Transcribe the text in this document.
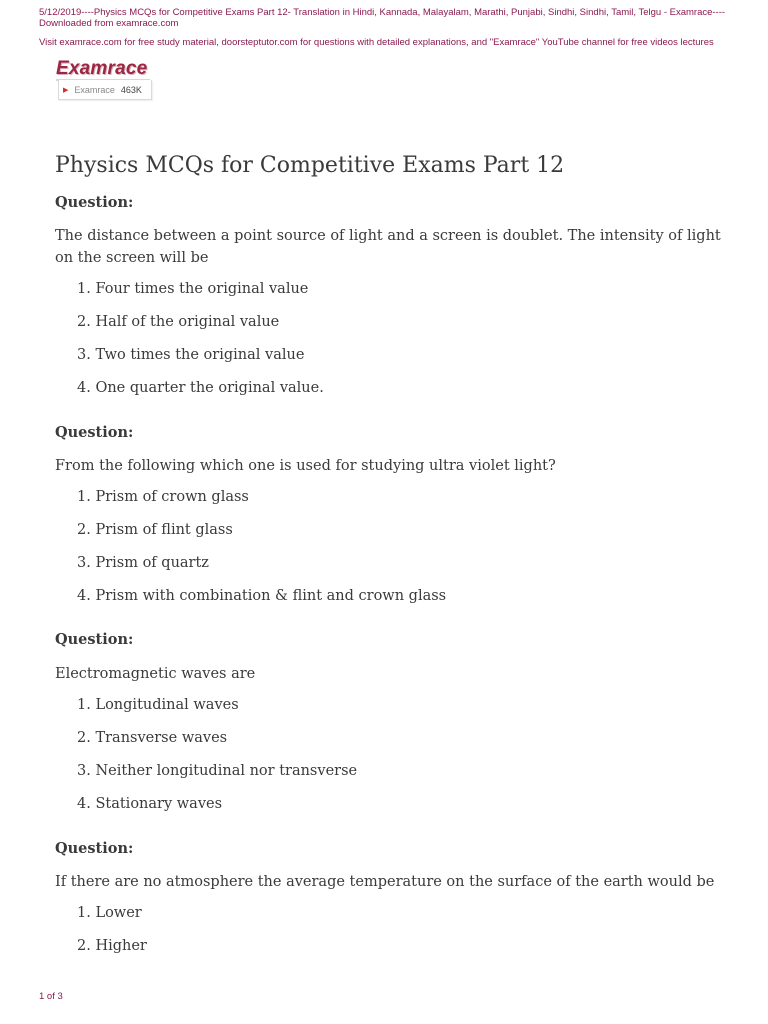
5/12/2019----Physics MCQs for Competitive Exams Part 12- Translation in Hindi, Kannada, Malayalam, Marathi, Punjabi, Sindhi, Sindhi, Tamil, Telgu - Examrace----Downloaded from examrace.com
Visit examrace.com for free study material, doorsteptutor.com for questions with detailed explanations, and "Examrace" YouTube channel for free videos lectures
Examrace
▶ Examrace 463K
Physics MCQs for Competitive Exams Part 12
Question:
The distance between a point source of light and a screen is doublet. The intensity of light on the screen will be
1. Four times the original value
2. Half of the original value
3. Two times the original value
4. One quarter the original value.
Question:
From the following which one is used for studying ultra violet light?
1. Prism of crown glass
2. Prism of flint glass
3. Prism of quartz
4. Prism with combination & flint and crown glass
Question:
Electromagnetic waves are
1. Longitudinal waves
2. Transverse waves
3. Neither longitudinal nor transverse
4. Stationary waves
Question:
If there are no atmosphere the average temperature on the surface of the earth would be
1. Lower
2. Higher
1 of 3
